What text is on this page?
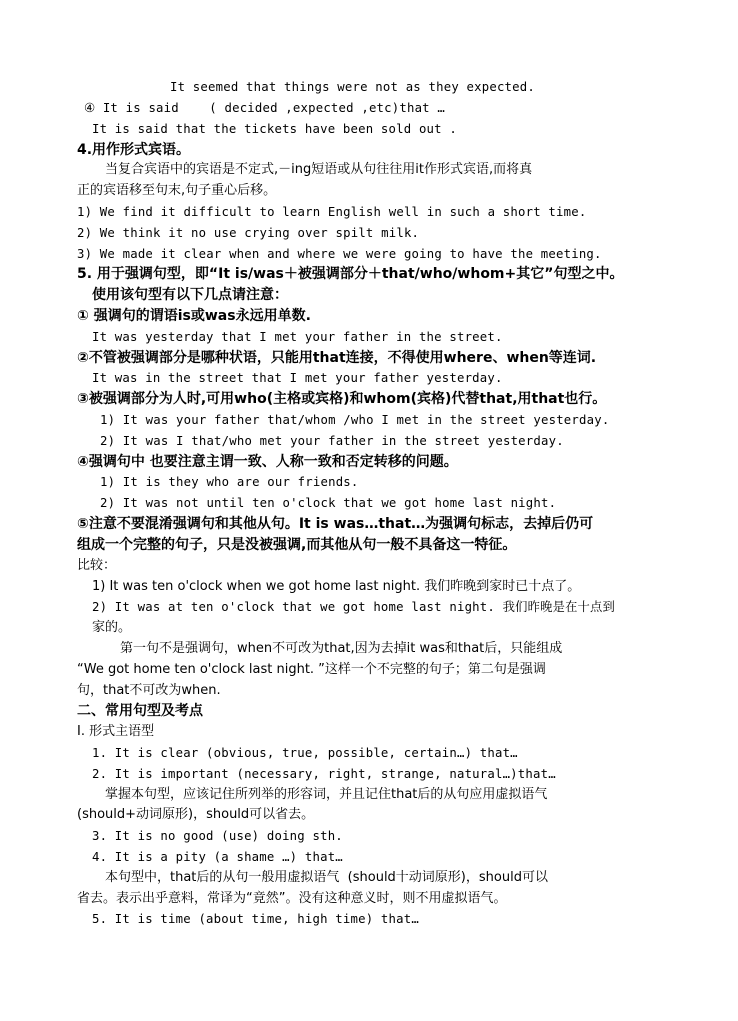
It seemed that things were not as they expected.
④ It is said    ( decided ,expected ,etc)that …
It is said that the tickets have been sold out .
4.用作形式宾语。
当复合宾语中的宾语是不定式,－ing短语或从句往往用it作形式宾语,而将真
正的宾语移至句末,句子重心后移。
1) We find it difficult to learn English well in such a short time.
2) We think it no use crying over spilt milk.
3) We made it clear when and where we were going to have the meeting.
5. 用于强调句型，即“It is/was＋被强调部分＋that/who/whom+其它”句型之中。
使用该句型有以下几点请注意：
① 强调句的谓语is或was永远用单数.
It was yesterday that I met your father in the street.
②不管被强调部分是哪种状语，只能用that连接，不得使用where、when等连词.
It was in the street that I met your father yesterday.
③被强调部分为人时,可用who(主格或宾格)和whom(宾格)代替that,用that也行。
1) It was your father that/whom /who I met in the street yesterday.
2) It was I that/who met your father in the street yesterday.
④强调句中 也要注意主谓一致、人称一致和否定转移的问题。
1) It is they who are our friends.
2) It was not until ten o'clock that we got home last night.
⑤注意不要混淆强调句和其他从句。It is was…that…为强调句标志，去掉后仍可
组成一个完整的句子，只是没被强调,而其他从句一般不具备这一特征。
比较：
1) It was ten o'clock when we got home last night. 我们昨晚到家时已十点了。
2) It was at ten o'clock that we got home last night. 我们昨晚是在十点到
家的。
第一句不是强调句，when不可改为that,因为去掉it was和that后，只能组成
“We got home ten o'clock last night. ”这样一个不完整的句子；第二句是强调
句，that不可改为when.
二、常用句型及考点
I. 形式主语型
1. It is clear (obvious, true, possible, certain…) that…
2. It is important (necessary, right, strange, natural…)that…
掌握本句型，应该记住所列举的形容词，并且记住that后的从句应用虚拟语气
(should+动词原形)，should可以省去。
3. It is no good (use) doing sth.
4. It is a pity (a shame …) that…
本句型中，that后的从句一般用虚拟语气  (should十动词原形)，should可以
省去。表示出乎意料，常译为“竟然”。没有这种意义时，则不用虚拟语气。
5. It is time (about time, high time) that…
